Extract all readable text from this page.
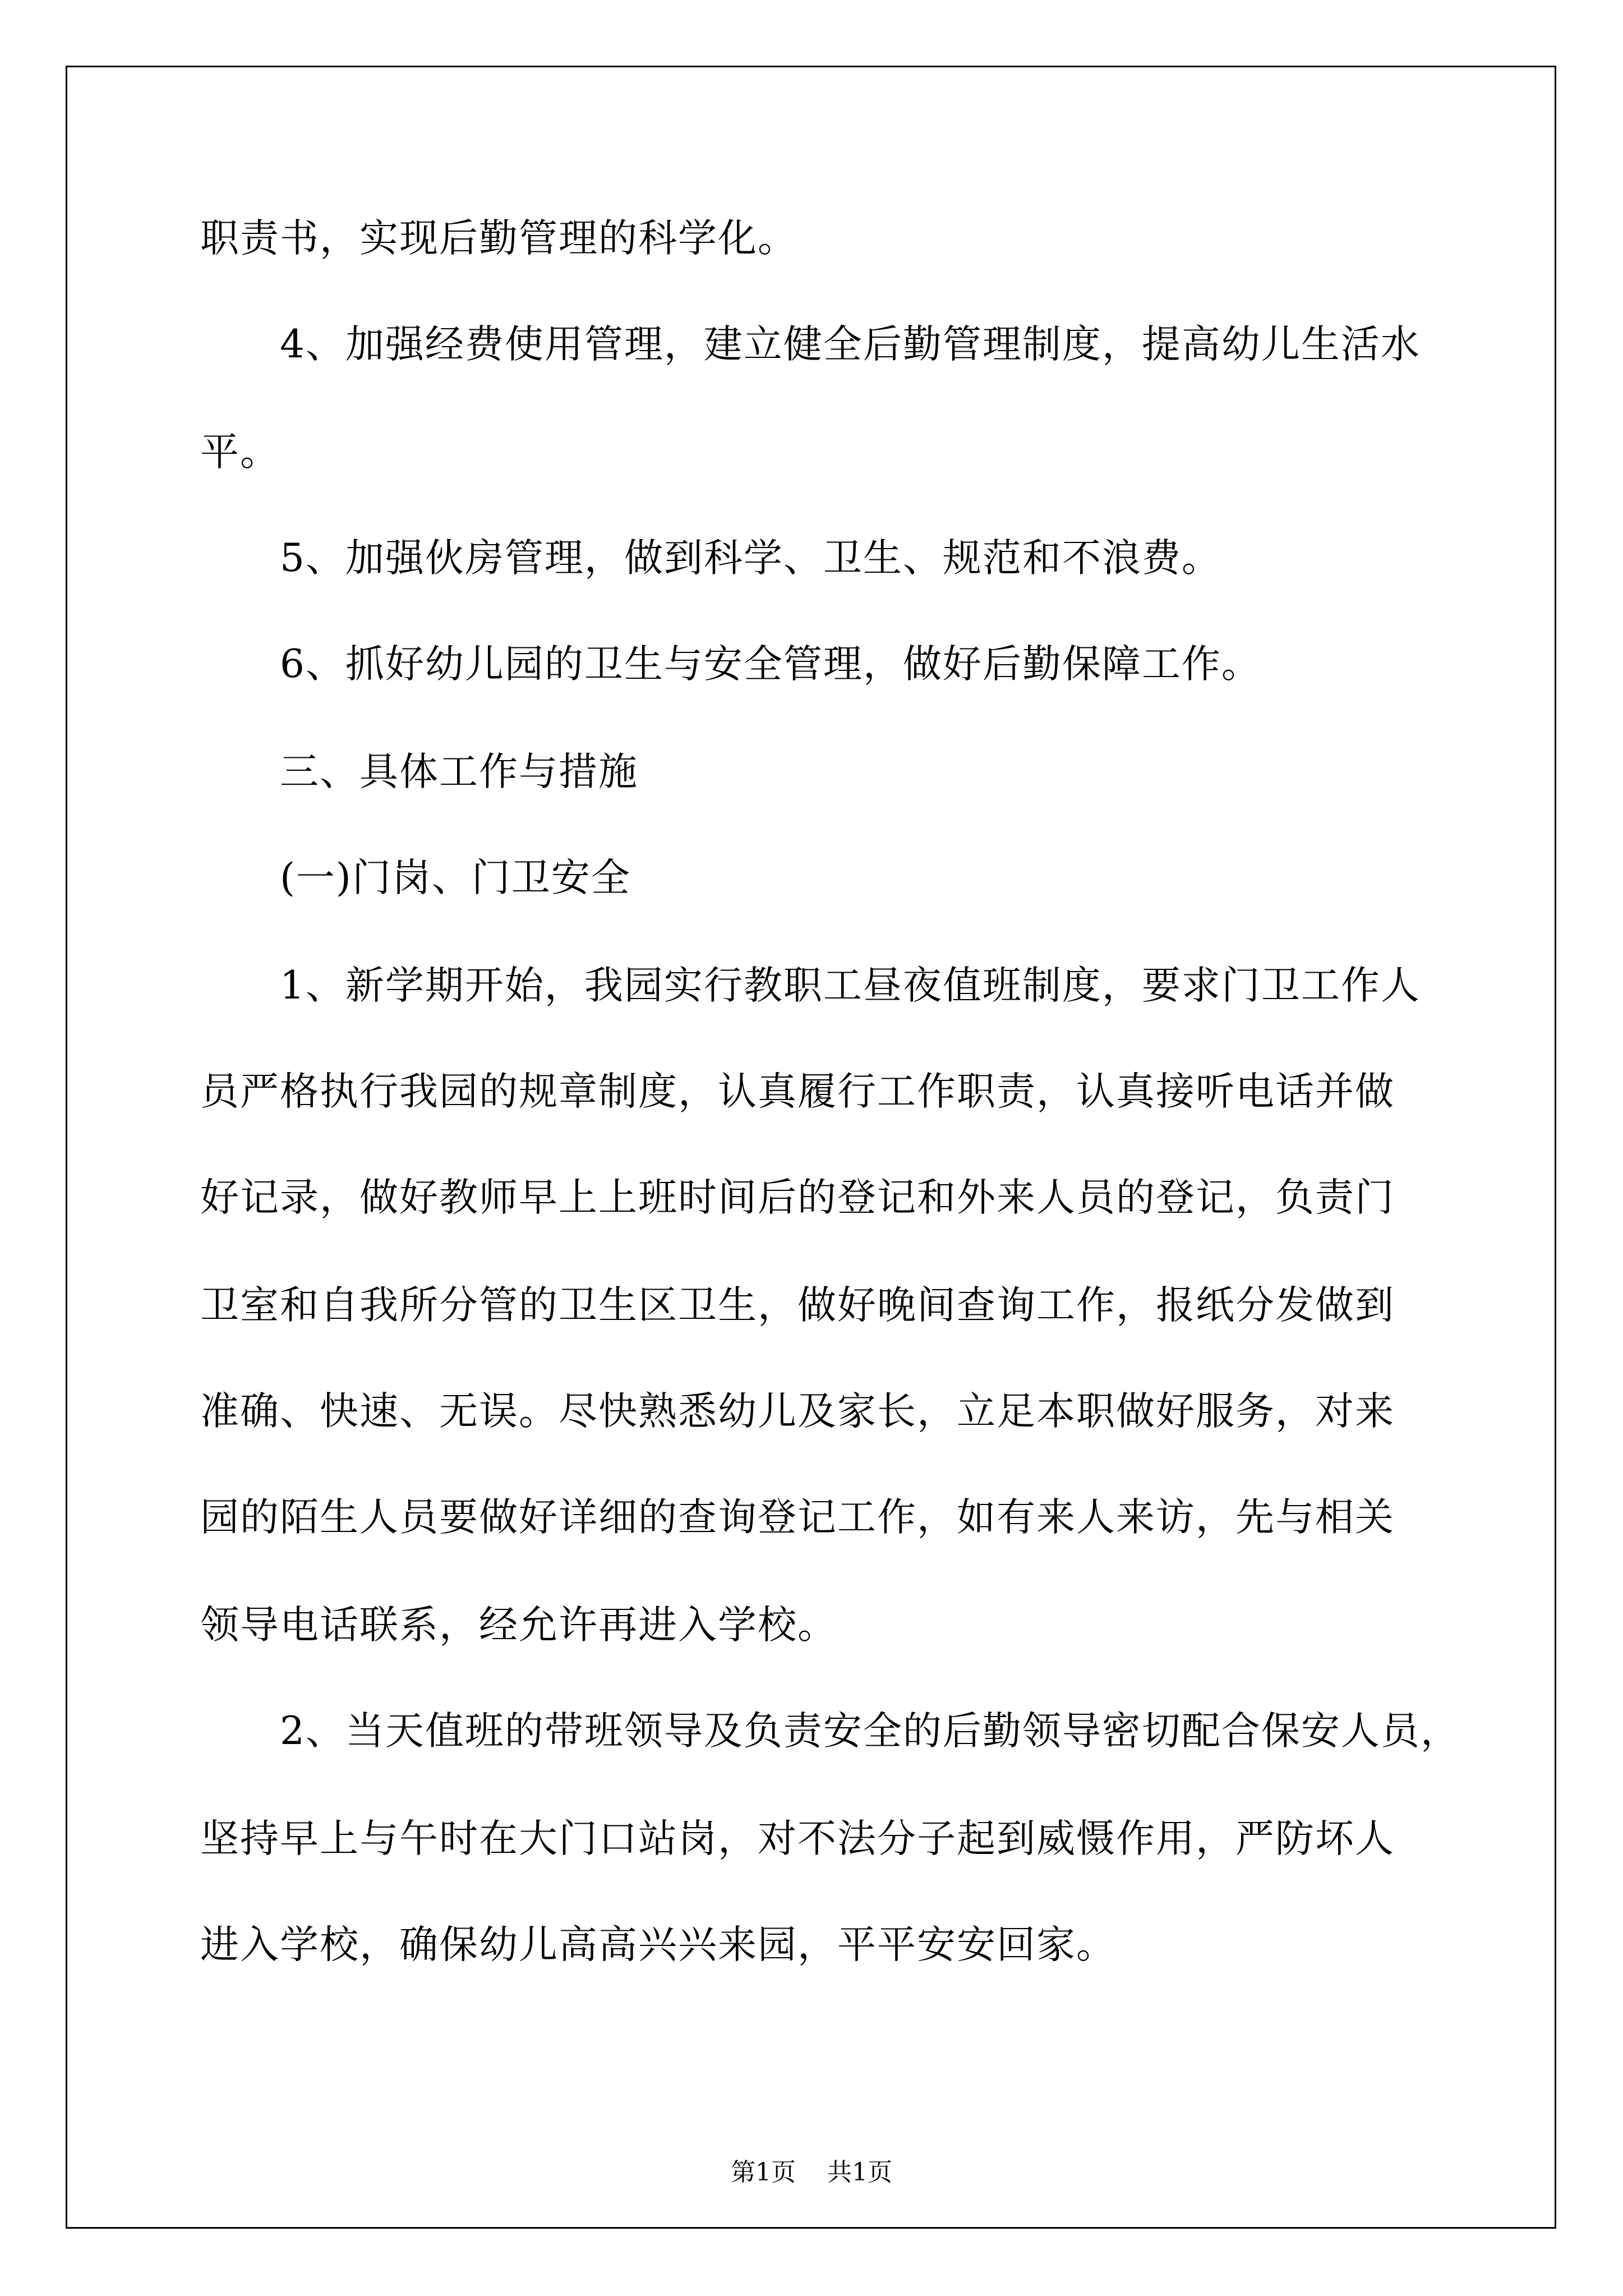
职责书，实现后勤管理的科学化。
　　4、加强经费使用管理，建立健全后勤管理制度，提高幼儿生活水
平。
　　5、加强伙房管理，做到科学、卫生、规范和不浪费。
　　6、抓好幼儿园的卫生与安全管理，做好后勤保障工作。
　　三、具体工作与措施
　　(一)门岗、门卫安全
　　1、新学期开始，我园实行教职工昼夜值班制度，要求门卫工作人
员严格执行我园的规章制度，认真履行工作职责，认真接听电话并做
好记录，做好教师早上上班时间后的登记和外来人员的登记，负责门
卫室和自我所分管的卫生区卫生，做好晚间查询工作，报纸分发做到
准确、快速、无误。尽快熟悉幼儿及家长，立足本职做好服务，对来
园的陌生人员要做好详细的查询登记工作，如有来人来访，先与相关
领导电话联系，经允许再进入学校。
　　2、当天值班的带班领导及负责安全的后勤领导密切配合保安人员，
坚持早上与午时在大门口站岗，对不法分子起到威慑作用，严防坏人
进入学校，确保幼儿高高兴兴来园，平平安安回家。
第1页 共1页
